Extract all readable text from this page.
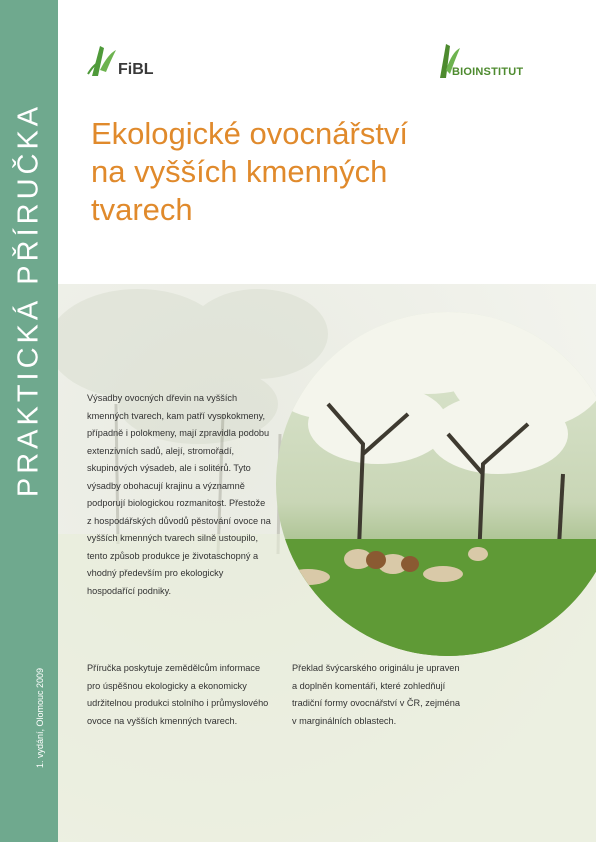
PRAKTICKÁ PŘÍRUČKA
1. vydání, Olomouc 2009
FiBL	BIOINSTITUT
Ekologické ovocnářství na vyšších kmenných tvarech

Výsadby ovocných dřevin na vyšších kmenných tvarech, kam patří vysokokmeny, případně i polokmeny, mají zpravidla podobu extenzivních sadů, alejí, stromořadí, skupinových výsadeb, ale i solitérů. Tyto výsadby obohacují krajinu a významně podporují biologickou rozmanitost. Přestože z hospodářských důvodů pěstování ovoce na vyšších kmenných tvarech silně ustoupilo, tento způsob produkce je životaschopný a vhodný především pro ekologicky hospodařící podniky.

Příručka poskytuje zemědělcům informace pro úspěšnou ekologicky a ekonomicky udržitelnou produkci stolního i průmyslového ovoce na vyšších kmenných tvarech.

Překlad švýcarského originálu je upraven a doplněn komentáři, které zohledňují tradiční formy ovocnářství v ČR, zejména v marginálních oblastech.
